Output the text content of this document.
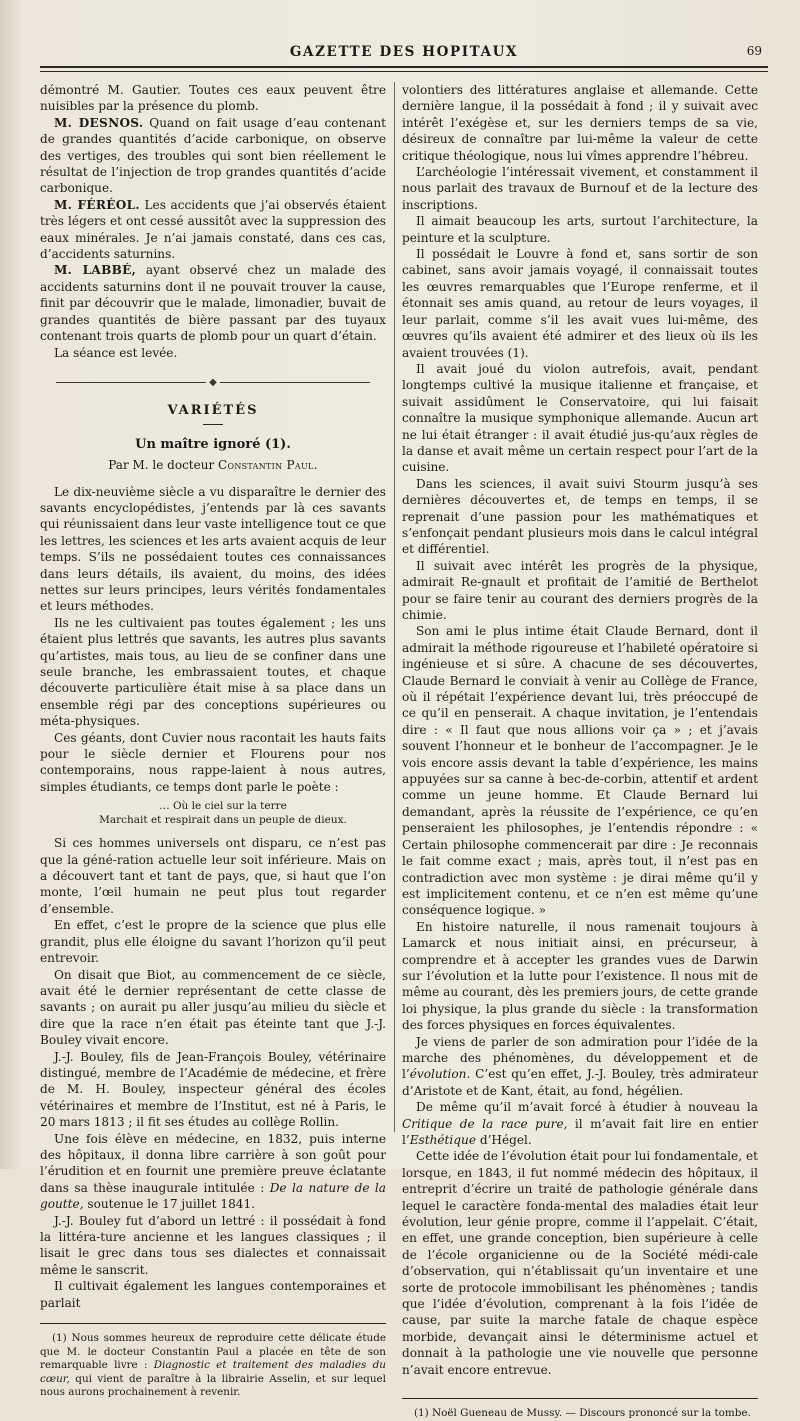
GAZETTE DES HOPITAUX	69

démontré M. Gautier. Toutes ces eaux peuvent être nuisibles par la présence du plomb.

M. DESNOS. Quand on fait usage d’eau contenant de grandes quantités d’acide carbonique, on observe des vertiges, des troubles qui sont bien réellement le résultat de l’injection de trop grandes quantités d’acide carbonique.

M. FÉRÉOL. Les accidents que j’ai observés étaient très légers et ont cessé aussitôt avec la suppression des eaux minérales. Je n’ai jamais constaté, dans ces cas, d’accidents saturnins.

M. LABBÉ, ayant observé chez un malade des accidents saturnins dont il ne pouvait trouver la cause, finit par découvrir que le malade, limonadier, buvait de grandes quantités de bière passant par des tuyaux contenant trois quarts de plomb pour un quart d’étain.

La séance est levée.

◆
VARIÉTÉS
Un maître ignoré (1).
Par M. le docteur Constantin Paul.

Le dix-neuvième siècle a vu disparaître le dernier des savants encyclopédistes, j’entends par là ces savants qui réunissaient dans leur vaste intelligence tout ce que les lettres, les sciences et les arts avaient acquis de leur temps. S’ils ne possédaient toutes ces connaissances dans leurs détails, ils avaient, du moins, des idées nettes sur leurs principes, leurs vérités fondamentales et leurs méthodes.

Ils ne les cultivaient pas toutes également ; les uns étaient plus lettrés que savants, les autres plus savants qu’artistes, mais tous, au lieu de se confiner dans une seule branche, les embrassaient toutes, et chaque découverte particulière était mise à sa place dans un ensemble régi par des conceptions supérieures ou méta-physiques.

Ces géants, dont Cuvier nous racontait les hauts faits pour le siècle dernier et Flourens pour nos contemporains, nous rappe-laient à nous autres, simples étudiants, ce temps dont parle le poète :

… Où le ciel sur la terre
Marchait et respirait dans un peuple de dieux.

Si ces hommes universels ont disparu, ce n’est pas que la géné-ration actuelle leur soit inférieure. Mais on a découvert tant et tant de pays, que, si haut que l’on monte, l’œil humain ne peut plus tout regarder d’ensemble.

En effet, c’est le propre de la science que plus elle grandit, plus elle éloigne du savant l’horizon qu’il peut entrevoir.

On disait que Biot, au commencement de ce siècle, avait été le dernier représentant de cette classe de savants ; on aurait pu aller jusqu’au milieu du siècle et dire que la race n’en était pas éteinte tant que J.-J. Bouley vivait encore.

J.-J. Bouley, fils de Jean-François Bouley, vétérinaire distingué, membre de l’Académie de médecine, et frère de M. H. Bouley, inspecteur général des écoles vétérinaires et membre de l’Institut, est né à Paris, le 20 mars 1813 ; il fit ses études au collège Rollin.

Une fois élève en médecine, en 1832, puis interne des hôpitaux, il donna libre carrière à son goût pour l’érudition et en fournit une première preuve éclatante dans sa thèse inaugurale intitulée : De la nature de la goutte, soutenue le 17 juillet 1841.

J.-J. Bouley fut d’abord un lettré : il possédait à fond la littéra-ture ancienne et les langues classiques ; il lisait le grec dans tous ses dialectes et connaissait même le sanscrit.

Il cultivait également les langues contemporaines et parlait

(1) Nous sommes heureux de reproduire cette délicate étude que M. le docteur Constantin Paul a placée en tête de son remarquable livre : Diagnostic et traitement des maladies du cœur, qui vient de paraître à la librairie Asselin, et sur lequel nous aurons prochainement à revenir.

volontiers des littératures anglaise et allemande. Cette dernière langue, il la possédait à fond ; il y suivait avec intérêt l’exégèse et, sur les derniers temps de sa vie, désireux de connaître par lui-même la valeur de cette critique théologique, nous lui vîmes apprendre l’hébreu.

L’archéologie l’intéressait vivement, et constamment il nous parlait des travaux de Burnouf et de la lecture des inscriptions.

Il aimait beaucoup les arts, surtout l’architecture, la peinture et la sculpture.

Il possédait le Louvre à fond et, sans sortir de son cabinet, sans avoir jamais voyagé, il connaissait toutes les œuvres remarquables que l’Europe renferme, et il étonnait ses amis quand, au retour de leurs voyages, il leur parlait, comme s’il les avait vues lui-même, des œuvres qu’ils avaient été admirer et des lieux où ils les avaient trouvées (1).

Il avait joué du violon autrefois, avait, pendant longtemps cultivé la musique italienne et française, et suivait assidûment le Conservatoire, qui lui faisait connaître la musique symphonique allemande. Aucun art ne lui était étranger : il avait étudié jus-qu’aux règles de la danse et avait même un certain respect pour l’art de la cuisine.

Dans les sciences, il avait suivi Stourm jusqu’à ses dernières découvertes et, de temps en temps, il se reprenait d’une passion pour les mathématiques et s’enfonçait pendant plusieurs mois dans le calcul intégral et différentiel.

Il suivait avec intérêt les progrès de la physique, admirait Re-gnault et profitait de l’amitié de Berthelot pour se faire tenir au courant des derniers progrès de la chimie.

Son ami le plus intime était Claude Bernard, dont il admirait la méthode rigoureuse et l’habileté opératoire si ingénieuse et si sûre. A chacune de ses découvertes, Claude Bernard le conviait à venir au Collège de France, où il répétait l’expérience devant lui, très préoccupé de ce qu’il en penserait. A chaque invitation, je l’entendais dire : « Il faut que nous allions voir ça » ; et j’avais souvent l’honneur et le bonheur de l’accompagner. Je le vois encore assis devant la table d’expérience, les mains appuyées sur sa canne à bec-de-corbin, attentif et ardent comme un jeune homme. Et Claude Bernard lui demandant, après la réussite de l’expérience, ce qu’en penseraient les philosophes, je l’entendis répondre : « Certain philosophe commencerait par dire : Je reconnais le fait comme exact ; mais, après tout, il n’est pas en contradiction avec mon système : je dirai même qu’il y est implicitement contenu, et ce n’en est même qu’une conséquence logique. »

En histoire naturelle, il nous ramenait toujours à Lamarck et nous initiait ainsi, en précurseur, à comprendre et à accepter les grandes vues de Darwin sur l’évolution et la lutte pour l’existence. Il nous mit de même au courant, dès les premiers jours, de cette grande loi physique, la plus grande du siècle : la transformation des forces physiques en forces équivalentes.

Je viens de parler de son admiration pour l’idée de la marche des phénomènes, du développement et de l’évolution. C’est qu’en effet, J.-J. Bouley, très admirateur d’Aristote et de Kant, était, au fond, hégélien.

De même qu’il m’avait forcé à étudier à nouveau la Critique de la race pure, il m’avait fait lire en entier l’Esthétique d’Hégel.

Cette idée de l’évolution était pour lui fondamentale, et lorsque, en 1843, il fut nommé médecin des hôpitaux, il entreprit d’écrire un traité de pathologie générale dans lequel le caractère fonda-mental des maladies était leur évolution, leur génie propre, comme il l’appelait. C’était, en effet, une grande conception, bien supérieure à celle de l’école organicienne ou de la Société médi-cale d’observation, qui n’établissait qu’un inventaire et une sorte de protocole immobilisant les phénomènes ; tandis que l’idée d’évolution, comprenant à la fois l’idée de cause, par suite la marche fatale de chaque espèce morbide, devançait ainsi le déterminisme actuel et donnait à la pathologie une vie nouvelle que personne n’avait encore entrevue.

(1) Noël Gueneau de Mussy. — Discours prononcé sur la tombe.
